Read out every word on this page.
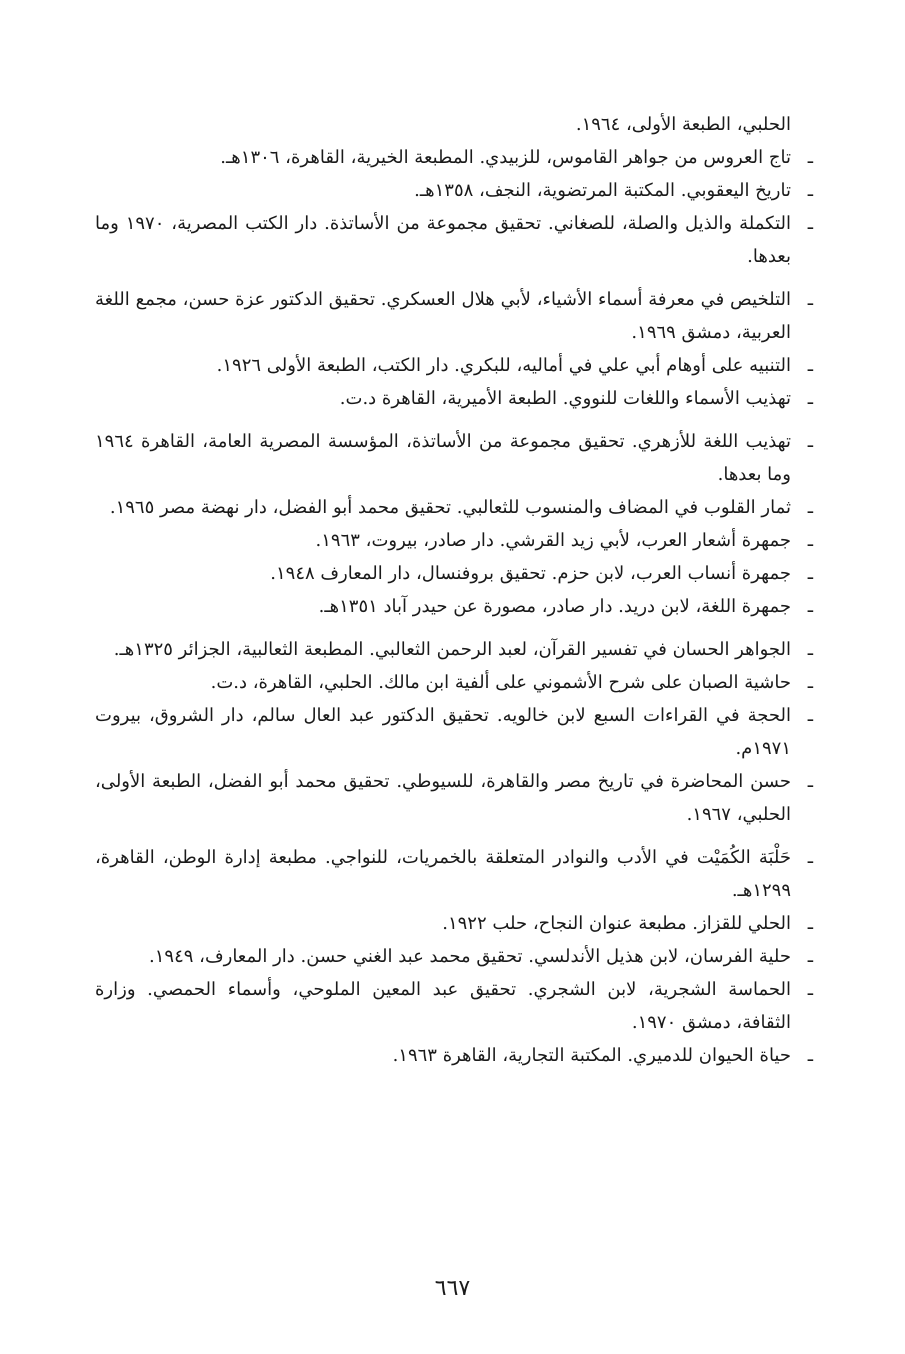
الحلبي، الطبعة الأولى، ١٩٦٤.
ـ
تاج العروس من جواهر القاموس، للزبيدي. المطبعة الخيرية، القاهرة، ١٣٠٦هـ.
ـ
تاريخ اليعقوبي. المكتبة المرتضوية، النجف، ١٣٥٨هـ.
ـ
التكملة والذيل والصلة، للصغاني. تحقيق مجموعة من الأساتذة. دار الكتب المصرية، ١٩٧٠ وما بعدها.
ـ
التلخيص في معرفة أسماء الأشياء، لأبي هلال العسكري. تحقيق الدكتور عزة حسن، مجمع اللغة العربية، دمشق ١٩٦٩.
ـ
التنبيه على أوهام أبي علي في أماليه، للبكري. دار الكتب، الطبعة الأولى ١٩٢٦.
ـ
تهذيب الأسماء واللغات للنووي. الطبعة الأميرية، القاهرة د.ت.
ـ
تهذيب اللغة للأزهري. تحقيق مجموعة من الأساتذة، المؤسسة المصرية العامة، القاهرة ١٩٦٤ وما بعدها.
ـ
ثمار القلوب في المضاف والمنسوب للثعالبي. تحقيق محمد أبو الفضل، دار نهضة مصر ١٩٦٥.
ـ
جمهرة أشعار العرب، لأبي زيد القرشي. دار صادر، بيروت، ١٩٦٣.
ـ
جمهرة أنساب العرب، لابن حزم. تحقيق بروفنسال، دار المعارف ١٩٤٨.
ـ
جمهرة اللغة، لابن دريد. دار صادر، مصورة عن حيدر آباد ١٣٥١هـ.
ـ
الجواهر الحسان في تفسير القرآن، لعبد الرحمن الثعالبي. المطبعة الثعالبية، الجزائر ١٣٢٥هـ.
ـ
حاشية الصبان على شرح الأشموني على ألفية ابن مالك. الحلبي، القاهرة، د.ت.
ـ
الحجة في القراءات السبع لابن خالويه. تحقيق الدكتور عبد العال سالم، دار الشروق، بيروت ١٩٧١م.
ـ
حسن المحاضرة في تاريخ مصر والقاهرة، للسيوطي. تحقيق محمد أبو الفضل، الطبعة الأولى، الحلبي، ١٩٦٧.
ـ
حَلْبَة الكُمَيْت في الأدب والنوادر المتعلقة بالخمريات، للنواجي. مطبعة إدارة الوطن، القاهرة، ١٢٩٩هـ.
ـ
الحلي للقزاز. مطبعة عنوان النجاح، حلب ١٩٢٢.
ـ
حلية الفرسان، لابن هذيل الأندلسي. تحقيق محمد عبد الغني حسن. دار المعارف، ١٩٤٩.
ـ
الحماسة الشجرية، لابن الشجري. تحقيق عبد المعين الملوحي، وأسماء الحمصي. وزارة الثقافة، دمشق ١٩٧٠.
ـ
حياة الحيوان للدميري. المكتبة التجارية، القاهرة ١٩٦٣.
٦٦٧
